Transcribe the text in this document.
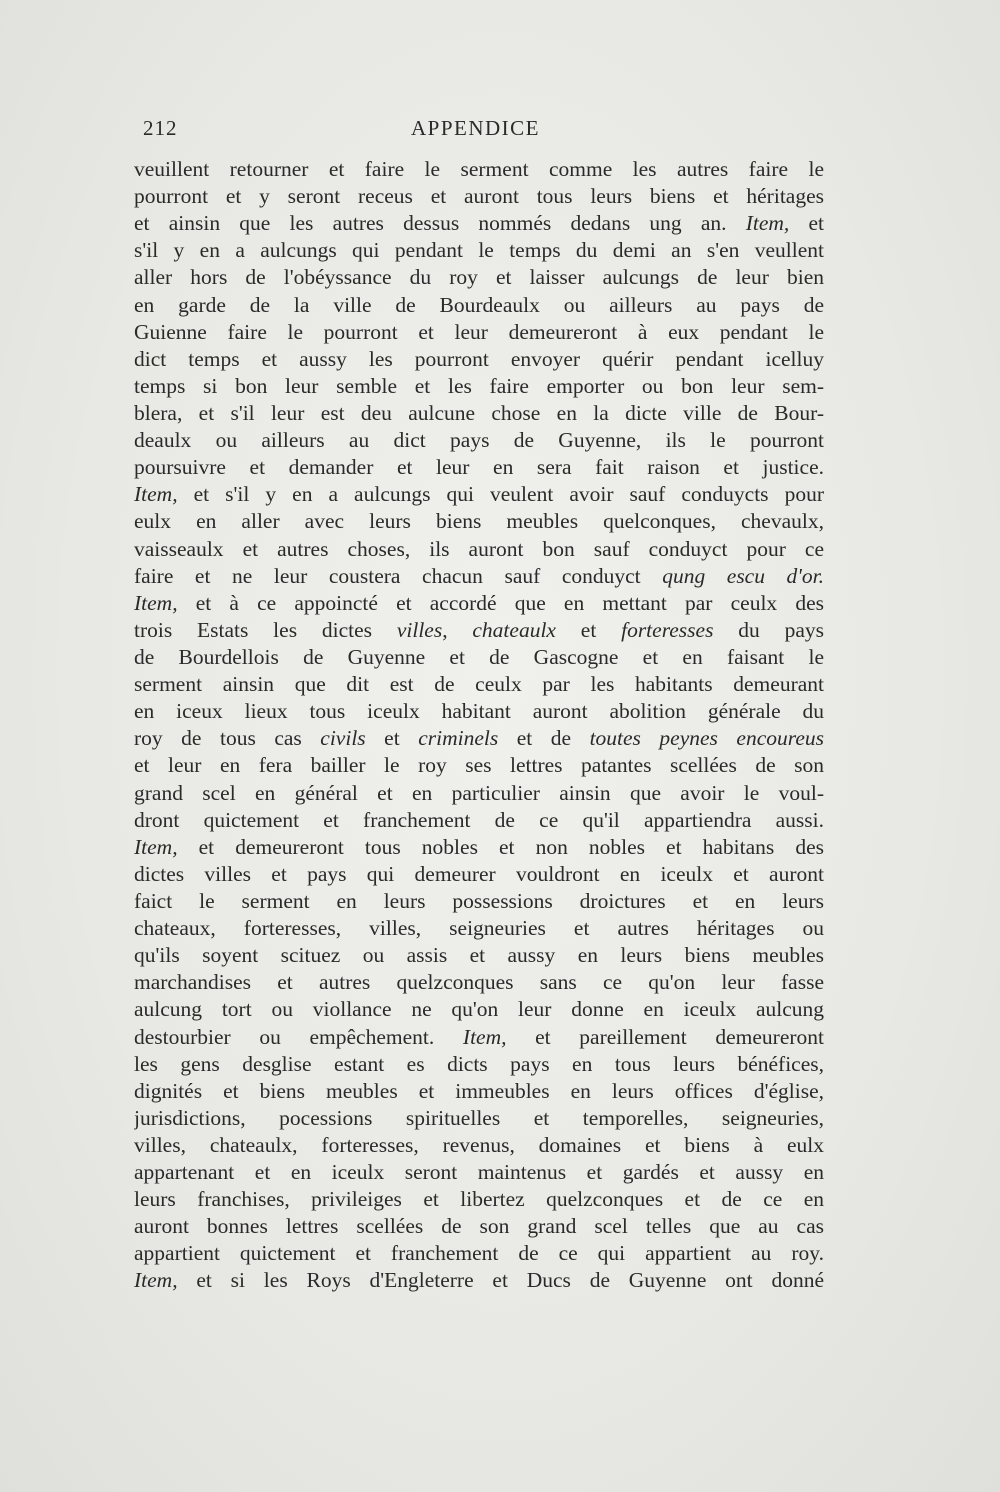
212	APPENDICE
veuillent retourner et faire le serment comme les autres faire le
pourront et y seront receus et auront tous leurs biens et héritages
et ainsin que les autres dessus nommés dedans ung an. Item, et
s'il y en a aulcungs qui pendant le temps du demi an s'en veullent
aller hors de l'obéyssance du roy et laisser aulcungs de leur bien
en garde de la ville de Bourdeaulx ou ailleurs au pays de
Guienne faire le pourront et leur demeureront à eux pendant le
dict temps et aussy les pourront envoyer quérir pendant icelluy
temps si bon leur semble et les faire emporter ou bon leur sem-
blera, et s'il leur est deu aulcune chose en la dicte ville de Bour-
deaulx ou ailleurs au dict pays de Guyenne, ils le pourront
poursuivre et demander et leur en sera fait raison et justice.
Item, et s'il y en a aulcungs qui veulent avoir sauf conduycts pour
eulx en aller avec leurs biens meubles quelconques, chevaulx,
vaisseaulx et autres choses, ils auront bon sauf conduyct pour ce
faire et ne leur coustera chacun sauf conduyct qung escu d'or.
Item, et à ce appoincté et accordé que en mettant par ceulx des
trois Estats les dictes villes, chateaulx et forteresses du pays
de Bourdellois de Guyenne et de Gascogne et en faisant le
serment ainsin que dit est de ceulx par les habitants demeurant
en iceux lieux tous iceulx habitant auront abolition générale du
roy de tous cas civils et criminels et de toutes peynes encoureus
et leur en fera bailler le roy ses lettres patantes scellées de son
grand scel en général et en particulier ainsin que avoir le voul-
dront quictement et franchement de ce qu'il appartiendra aussi.
Item, et demeureront tous nobles et non nobles et habitans des
dictes villes et pays qui demeurer vouldront en iceulx et auront
faict le serment en leurs possessions droictures et en leurs
chateaux, forteresses, villes, seigneuries et autres héritages ou
qu'ils soyent scituez ou assis et aussy en leurs biens meubles
marchandises et autres quelzconques sans ce qu'on leur fasse
aulcung tort ou viollance ne qu'on leur donne en iceulx aulcung
destourbier ou empêchement. Item, et pareillement demeureront
les gens desglise estant es dicts pays en tous leurs bénéfices,
dignités et biens meubles et immeubles en leurs offices d'église,
jurisdictions, pocessions spirituelles et temporelles, seigneuries,
villes, chateaulx, forteresses, revenus, domaines et biens à eulx
appartenant et en iceulx seront maintenus et gardés et aussy en
leurs franchises, privileiges et libertez quelzconques et de ce en
auront bonnes lettres scellées de son grand scel telles que au cas
appartient quictement et franchement de ce qui appartient au roy.
Item, et si les Roys d'Engleterre et Ducs de Guyenne ont donné
